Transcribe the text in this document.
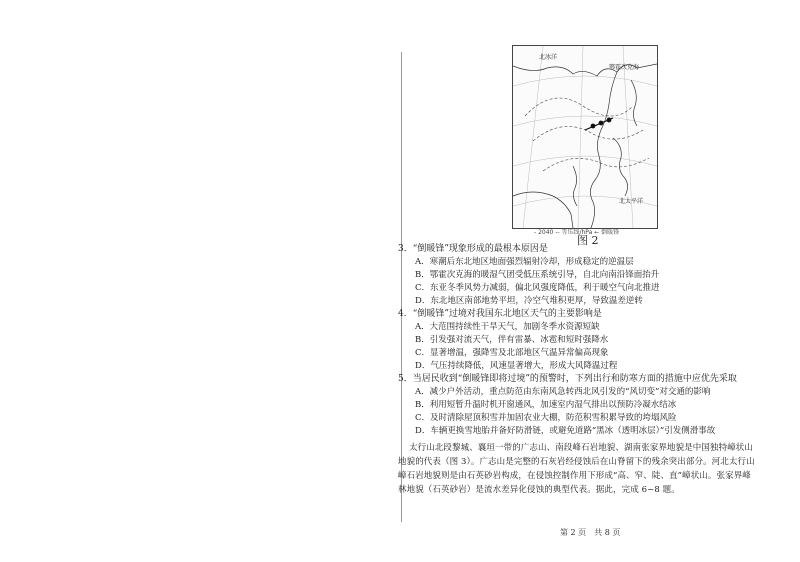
北冰洋
鄂霍次克海
北太平洋
- 2040 -- 等压线/hPa ← 倒暖锋
图 2
3．“倒暖锋”现象形成的最根本原因是
A．寒潮后东北地区地面强烈辐射冷却，形成稳定的逆温层
B．鄂霍次克海的暖湿气团受低压系统引导，自北向南沿锋面抬升
C．东亚冬季风势力减弱，偏北风强度降低，利于暖空气向北推进
D．东北地区南部地势平坦，冷空气堆积更厚，导致温差逆转
4．“倒暖锋”过境对我国东北地区天气的主要影响是
A．大范围持续性干旱天气，加剧冬季水资源短缺
B．引发强对流天气，伴有雷暴、冰雹和短时强降水
C．显著增温，强降雪及北部地区气温异常偏高现象
D．气压持续降低，风速显著增大，形成大风降温过程
5．当居民收到“倒暖锋即将过境”的预警时，下列出行和防寒方面的措施中应优先采取
A．减少户外活动，重点防范由东南风急转西北风引发的“风切变”对交通的影响
B．利用短暂升温时机开窗通风，加速室内湿气排出以预防冷凝水结冰
C．及时清除屋顶积雪并加固农业大棚，防范积雪积累导致的垮塌风险
D．车辆更换雪地胎并备好防滑链，或避免道路“黑冰（透明冰层）”引发侧滑事故
太行山北段黎城、襄垣一带的广志山、南段峰石岩地貌、湖南张家界地貌是中国独特嶂状山地貌的代表（图 3）。广志山是完整的石灰岩经侵蚀后在山脊留下的残余突出部分。河北太行山嶂石岩地貌则是由石英砂岩构成，在侵蚀控制作用下形成“高、窄、陡、直”嶂状山。张家界峰林地貌（石英砂岩）是流水差异化侵蚀的典型代表。据此，完成 6~8 题。
第 2 页　共 8 页
